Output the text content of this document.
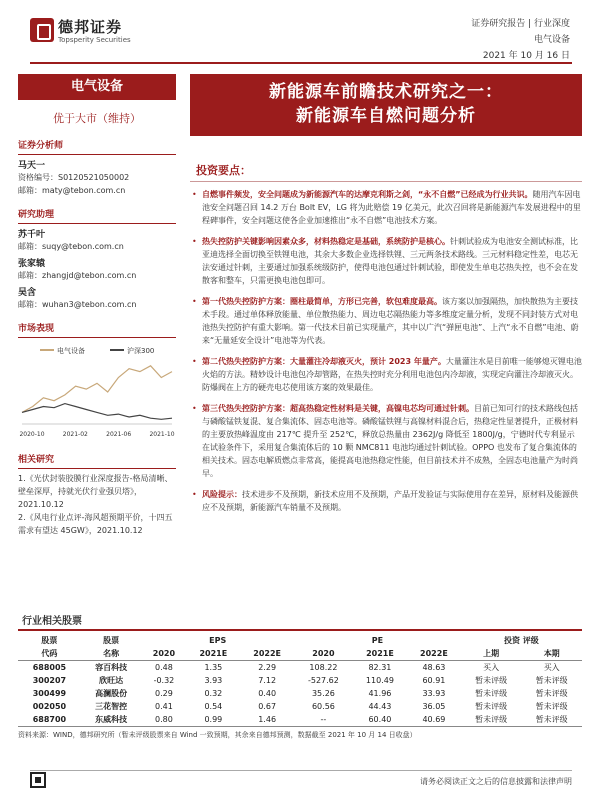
德邦证券
Topsperity Securities
证券研究报告 | 行业深度
电气设备
2021 年 10 月 16 日
电气设备
优于大市（维持）
证券分析师
马天一
资格编号：S0120521050002
邮箱：maty@tebon.com.cn
研究助理
苏千叶
邮箱：suqy@tebon.com.cn
张家辕
邮箱：zhangjd@tebon.com.cn
吴含
邮箱：wuhan3@tebon.com.cn
市场表现
电气设备	沪深300
2020-10	2021-02	2021-06	2021-10
相关研究
1.《光伏封装胶膜行业深度报告-格局清晰、壁垒深厚，持就光伏行业强贝塔》，2021.10.12
2.《风电行业点评-海风超预期平价，十四五需求有望达 45GW》，2021.10.12
新能源车前瞻技术研究之一：
新能源车自燃问题分析
投资要点：
• 自燃事件频发，安全问题成为新能源汽车的达摩克利斯之剑，“永不自燃”已经成为行业共识。随用汽车因电池安全问题召回 14.2 万台 Bolt EV，LG 将为此赔偿 19 亿美元，此次召回将是新能源汽车发展进程中的里程碑事件，安全问题这使各企业加速推出“永不自燃”电池技术方案。
• 热失控防护关键影响因素众多，材料热稳定是基础，系统防护是核心。针刺试验成为电池安全测试标准，比亚迪选择全面切换至铁锂电池，其余大多数企业选择铁锂、三元两条技术路线。三元材料稳定性差，电芯无法安通过针刺，主要通过加强系统级防护，使得电池包通过针刺试验，即使发生单电芯热失控，也不会在发散客和整车，只需更换电池包即可。
• 第一代热失控防护方案：圈柱最简单，方形已完善，软包难度最高。该方案以加强隔热，加快散热为主要技术手段。通过单体释放能量、单位散热能力、周边电芯隔热能力等多维度定量分析，发现不同封装方式对电池热失控防护有重大影响。第一代技术目前已实现量产，其中以广汽“弹匣电池”、上汽“永不自燃”电池、蔚来“无量延安全设计”电池等为代表。
• 第二代热失控防护方案：大量灌注冷却液灭火，预计 2023 年量产。大量灌注水是目前唯一能够熄灭锂电池火焰的方法。精妙设计电池包冷却管路，在热失控时充分利用电池包内冷却液，实现定向灌注冷却液灭火。防爆阀在上方的硬壳电芯使用该方案的效果最佳。
• 第三代热失控防护方案：超高热稳定性材料是关键，高镍电芯均可通过针刺。目前已知可行的技术路线包括与磷酸锰铁复混、复合集流体、固态电池等。磷酸锰铁锂与高镍材料混合后，热稳定性显著提升，正极材料的主要放热峰温度由 217℃ 提升至 252℃，释放总热量由 2362J/g 降低至 1800J/g，宁德时代专利显示在试验条件下，采用复合集流体后的 10 颗 NMC811 电池均通过针刺试验。OPPO 也发布了复合集流体的相关技术。固态电解质燃点非常高，能提高电池热稳定性能，但目前技术并不成熟，全固态电池量产为时尚早。
• 风险提示：技术进步不及预期，新技术应用不及预期，产品开发验证与实际使用存在差异，原材料及能源供应不及预期，新能源汽车销量不及预期。
行业相关股票
股票	股票	EPS			PE			投资 评级	
代码	名称	2020	2021E	2022E	2020	2021E	2022E	上期	本期
688005	容百科技	0.48	1.35	2.29	108.22	82.31	48.63	买入	买入
300207	欣旺达	-0.32	3.93	7.12	-527.62	110.49	60.91	暂未评级	暂未评级
300499	高澜股份	0.29	0.32	0.40	35.26	41.96	33.93	暂未评级	暂未评级
002050	三花智控	0.41	0.54	0.67	60.56	44.43	36.05	暂未评级	暂未评级
688700	东威科技	0.80	0.99	1.46	--	60.40	40.69	暂未评级	暂未评级
资料来源：WIND，德邦研究所（暂未评级股票来自 Wind 一致预期，其余来自德邦预测，数据截至 2021 年 10 月 14 日收盘）
请务必阅读正文之后的信息披露和法律声明
